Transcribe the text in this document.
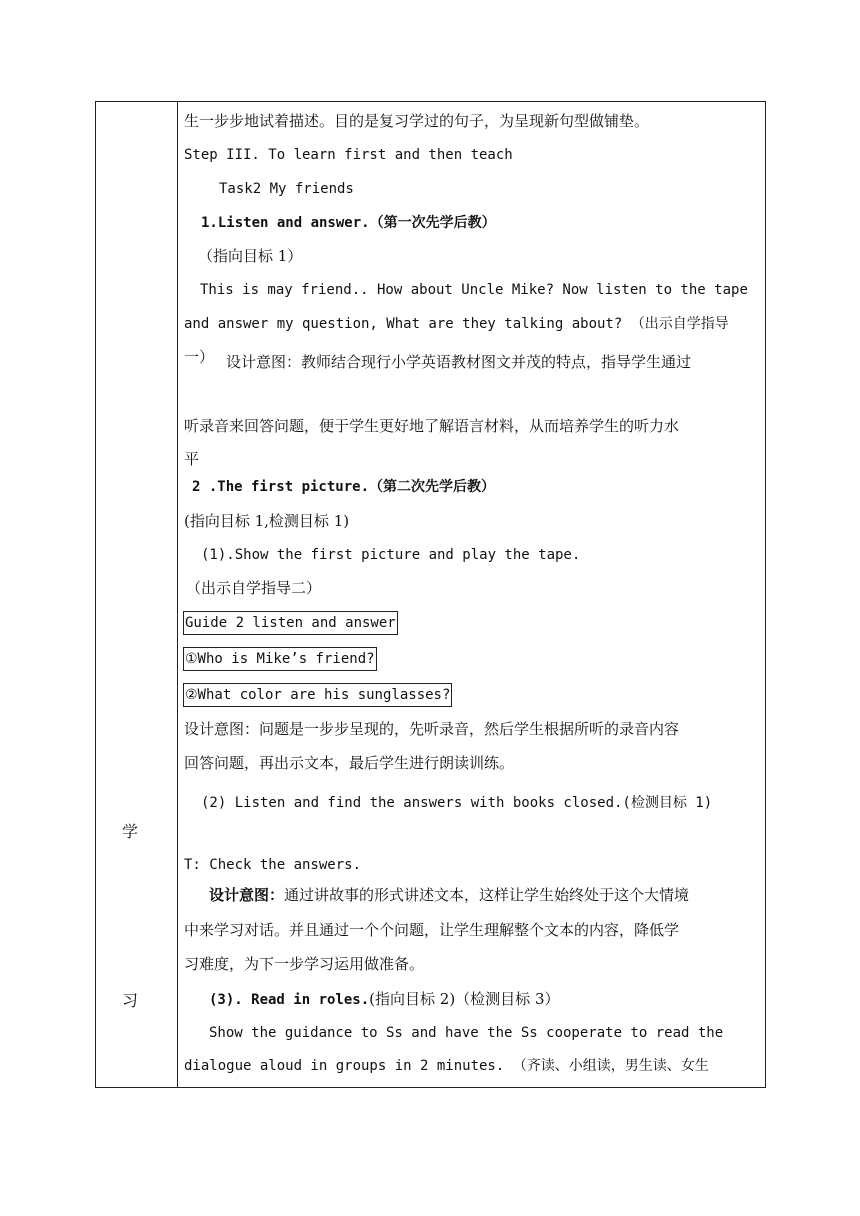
学
习
生一步步地试着描述。目的是复习学过的句子，为呈现新句型做铺垫。
Step III. To learn first and then teach
Task2 My friends
1.Listen and answer.（第一次先学后教）
（指向目标 1）
This is may friend.. How about Uncle Mike? Now listen to the tape
and answer my question, What are they talking about? （出示自学指导
一） 设计意图：教师结合现行小学英语教材图文并茂的特点，指导学生通过
听录音来回答问题，便于学生更好地了解语言材料，从而培养学生的听力水
平
2 .The first picture.（第二次先学后教）
(指向目标 1,检测目标 1)
(1).Show the first picture and play the tape.
（出示自学指导二）
Guide 2 listen and answer
①Who is Mike’s friend?
②What color are his sunglasses?
设计意图：问题是一步步呈现的，先听录音，然后学生根据所听的录音内容
回答问题，再出示文本，最后学生进行朗读训练。
(2) Listen and find the answers with books closed.(检测目标 1)
T: Check the answers.
设计意图：通过讲故事的形式讲述文本，这样让学生始终处于这个大情境
中来学习对话。并且通过一个个问题，让学生理解整个文本的内容，降低学
习难度，为下一步学习运用做准备。
(3). Read in roles.(指向目标 2)（检测目标 3）
Show the guidance to Ss and have the Ss cooperate to read the
dialogue aloud in groups in 2 minutes. （齐读、小组读，男生读、女生
